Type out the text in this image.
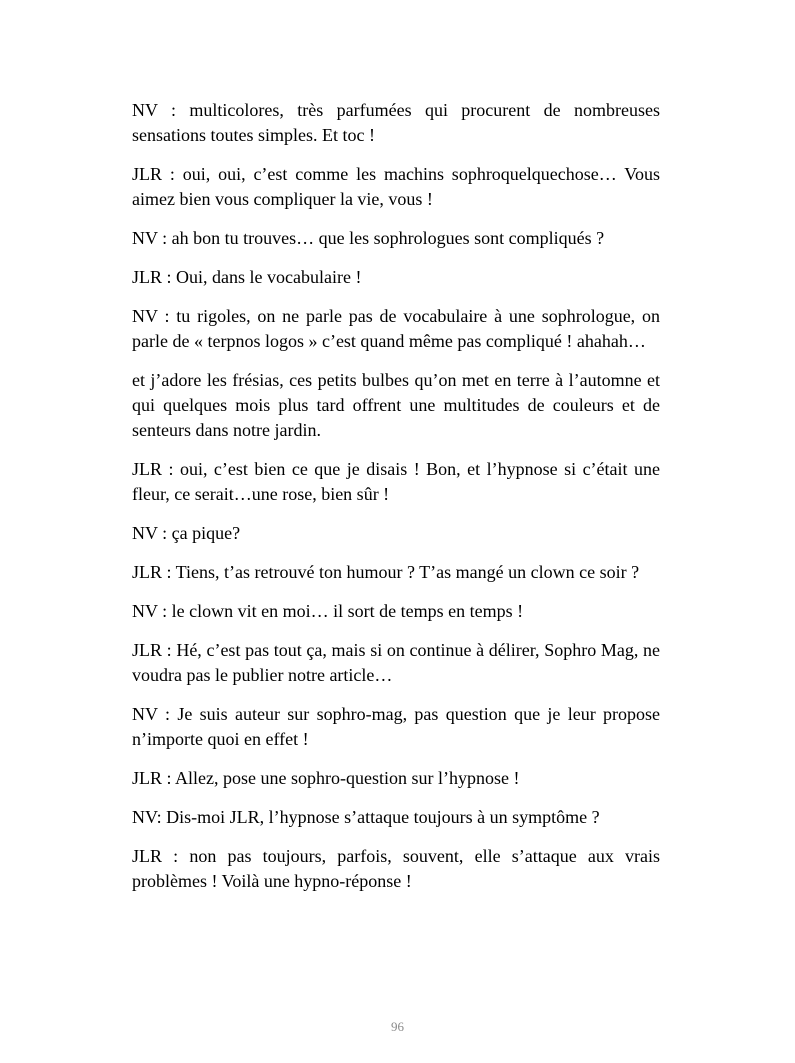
NV : multicolores, très parfumées qui procurent de nombreuses sensations toutes simples. Et toc !

JLR : oui, oui, c’est comme les machins sophroquelquechose… Vous aimez bien vous compliquer la vie, vous !

NV : ah bon tu trouves… que les sophrologues sont compliqués ?

JLR : Oui, dans le vocabulaire !

NV : tu rigoles, on ne parle pas de vocabulaire à une sophrologue, on parle de « terpnos logos » c’est quand même pas compliqué ! ahahah…

et j’adore les frésias, ces petits bulbes qu’on met en terre à l’automne et qui quelques mois plus tard offrent une multitudes de couleurs et de senteurs dans notre jardin.

JLR : oui, c’est bien ce que je disais ! Bon, et l’hypnose si c’était une fleur, ce serait…une rose, bien sûr !

NV : ça pique?

JLR : Tiens, t’as retrouvé ton humour ? T’as mangé un clown ce soir ?

NV : le clown vit en moi… il sort de temps en temps !

JLR : Hé, c’est pas tout ça, mais si on continue à délirer, Sophro Mag, ne voudra pas le publier notre article…

NV : Je suis auteur sur sophro-mag, pas question que je leur propose n’importe quoi en effet !

JLR : Allez, pose une sophro-question sur l’hypnose !

NV: Dis-moi JLR, l’hypnose s’attaque toujours à un symptôme ?

JLR : non pas toujours, parfois, souvent, elle s’attaque aux vrais problèmes ! Voilà une hypno-réponse !

96
